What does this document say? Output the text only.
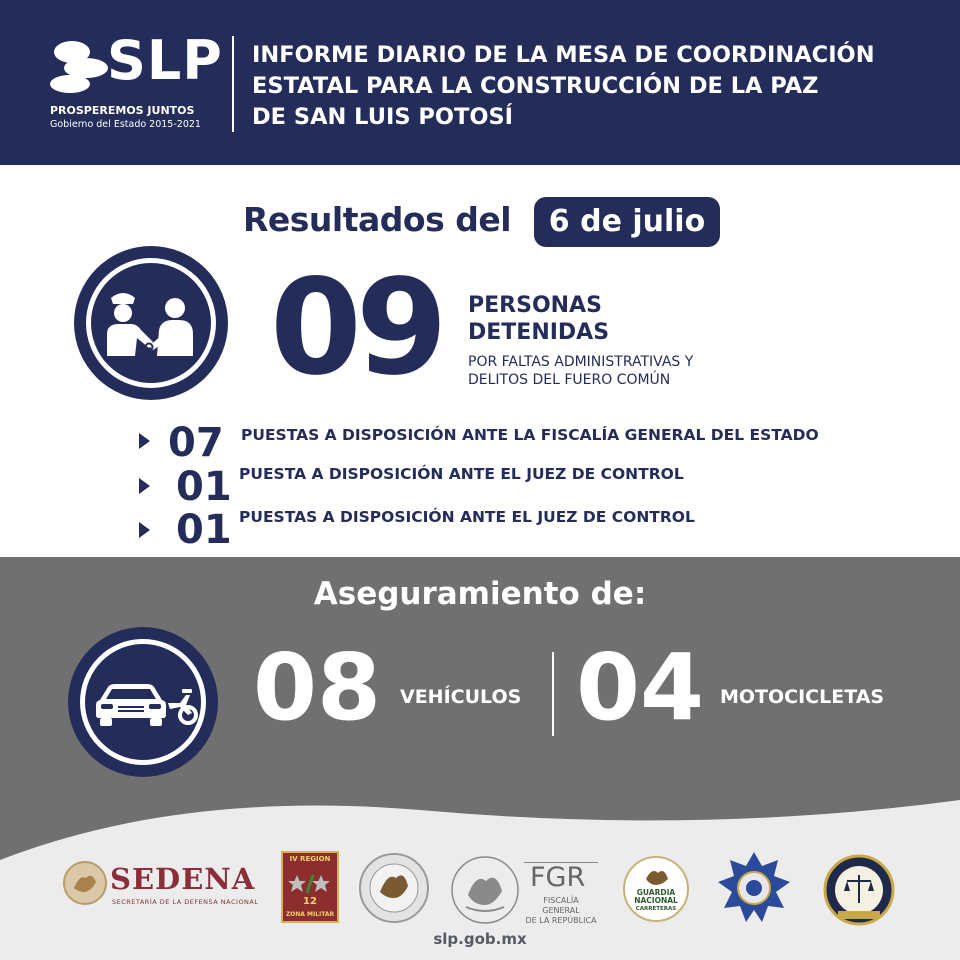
SLP
PROSPEREMOS JUNTOS
Gobierno del Estado 2015-2021
INFORME DIARIO DE LA MESA DE COORDINACIÓN
ESTATAL PARA LA CONSTRUCCIÓN DE LA PAZ
DE SAN LUIS POTOSÍ
Resultados del	6 de julio
09 PERSONAS
DETENIDAS
POR FALTAS ADMINISTRATIVAS Y
DELITOS DEL FUERO COMÚN
07 PUESTAS A DISPOSICIÓN ANTE LA FISCALÍA GENERAL DEL ESTADO
01 PUESTA A DISPOSICIÓN ANTE EL JUEZ DE CONTROL
01 PUESTAS A DISPOSICIÓN ANTE EL JUEZ DE CONTROL
Aseguramiento de:
08 VEHÍCULOS 04 MOTOCICLETAS
SEDENA
SECRETARÍA DE LA DEFENSA NACIONAL
IV REGION
12
ZONA MILITAR
FGR
FISCALÍA GENERAL
DE LA REPÚBLICA
GUARDIA
NACIONAL
CARRETERAS
slp.gob.mx
